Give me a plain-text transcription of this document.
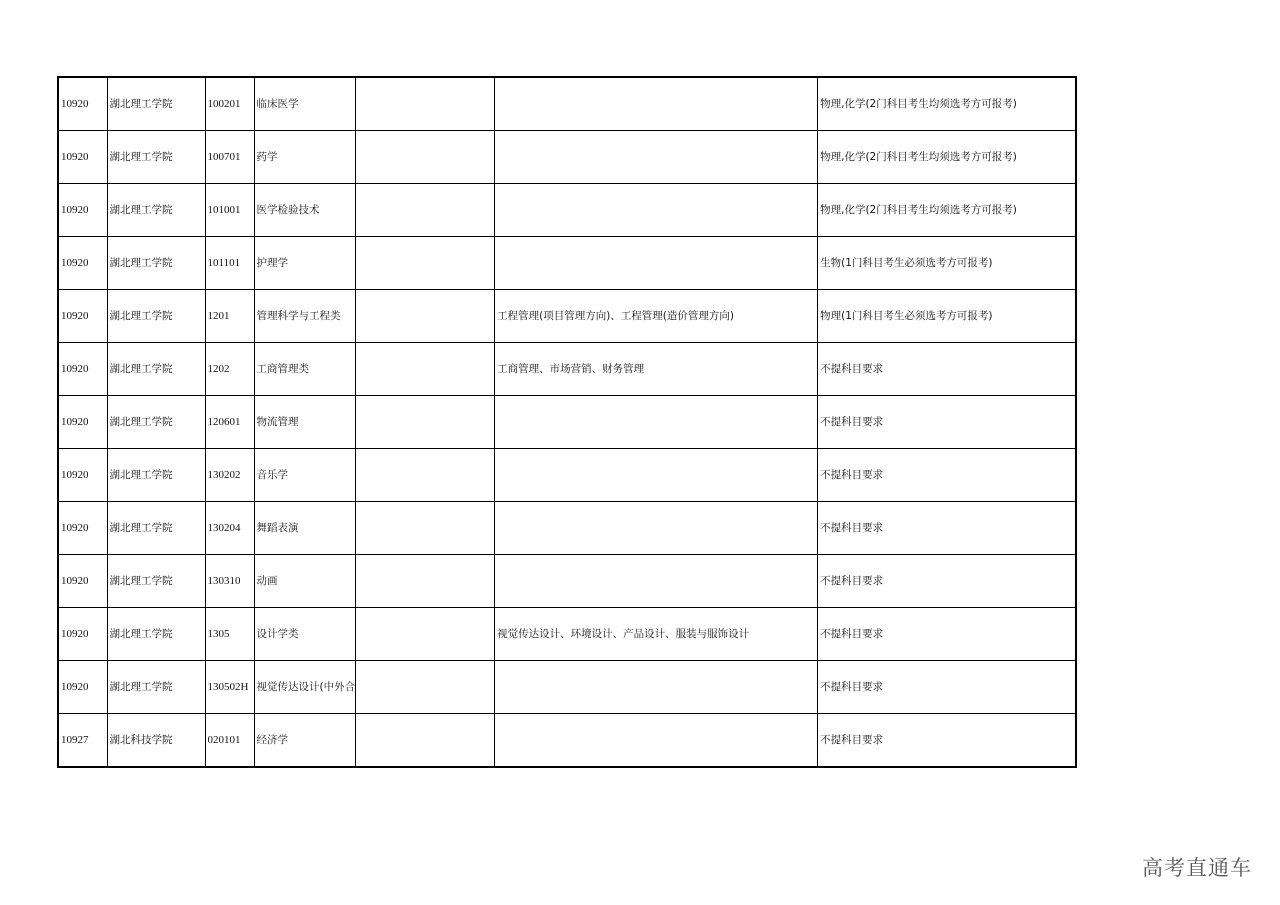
10920	湖北理工学院	100201	临床医学			物理,化学(2门科目考生均须选考方可报考)
10920	湖北理工学院	100701	药学			物理,化学(2门科目考生均须选考方可报考)
10920	湖北理工学院	101001	医学检验技术			物理,化学(2门科目考生均须选考方可报考)
10920	湖北理工学院	101101	护理学			生物(1门科目考生必须选考方可报考)
10920	湖北理工学院	1201	管理科学与工程类		工程管理(项目管理方向)、工程管理(造价管理方向)	物理(1门科目考生必须选考方可报考)
10920	湖北理工学院	1202	工商管理类		工商管理、市场营销、财务管理	不提科目要求
10920	湖北理工学院	120601	物流管理			不提科目要求
10920	湖北理工学院	130202	音乐学			不提科目要求
10920	湖北理工学院	130204	舞蹈表演			不提科目要求
10920	湖北理工学院	130310	动画			不提科目要求
10920	湖北理工学院	1305	设计学类		视觉传达设计、环境设计、产品设计、服装与服饰设计	不提科目要求
10920	湖北理工学院	130502H	视觉传达设计(中外合			不提科目要求
10927	湖北科技学院	020101	经济学			不提科目要求
高考直通车
